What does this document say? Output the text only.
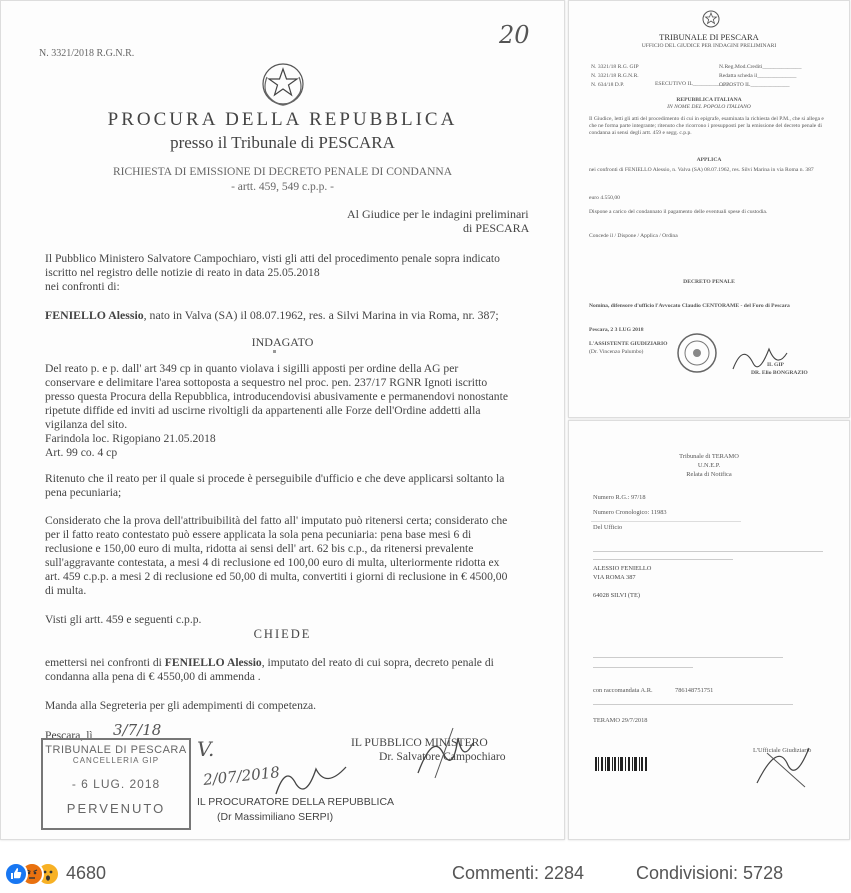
N. 3321/2018 R.G.N.R.
20
PROCURA DELLA REPUBBLICA
presso il Tribunale di PESCARA
RICHIESTA DI EMISSIONE DI DECRETO PENALE DI CONDANNA
- artt. 459, 549 c.p.p. -
Al Giudice per le indagini preliminari
di PESCARA
Il Pubblico Ministero Salvatore Campochiaro, visti gli atti del procedimento penale sopra indicato
iscritto nel registro delle notizie di reato in data 25.05.2018
nei confronti di:
FENIELLO Alessio, nato in Valva (SA) il 08.07.1962, res. a Silvi Marina in via Roma, nr. 387;
INDAGATO
Del reato p. e p. dall' art 349 cp in quanto violava i sigilli apposti per ordine della AG per
conservare e delimitare l'area sottoposta a sequestro nel proc. pen. 237/17 RGNR Ignoti iscritto
presso questa Procura della Repubblica, introducendovisi abusivamente e permanendovi nonostante
ripetute diffide ed inviti ad uscirne rivoltigli da appartenenti alle Forze dell'Ordine addetti alla
vigilanza del sito.
Farindola loc. Rigopiano 21.05.2018
Art. 99 co. 4 cp
Ritenuto che il reato per il quale si procede è perseguibile d'ufficio e che deve applicarsi soltanto la
pena pecuniaria;
Considerato che la prova dell'attribuibilità del fatto all' imputato può ritenersi certa; considerato che
per il fatto reato contestato può essere applicata la sola pena pecuniaria: pena base mesi 6 di
reclusione e 150,00 euro di multa, ridotta ai sensi dell' art. 62 bis c.p., da ritenersi prevalente
sull'aggravante contestata, a mesi 4 di reclusione ed 100,00 euro di multa, ulteriormente ridotta ex
art. 459 c.p.p. a mesi 2 di reclusione ed 50,00 di multa, convertiti i giorni di reclusione in € 4500,00
di multa.
Visti gli artt. 459 e seguenti c.p.p.
CHIEDE
emettersi nei confronti di FENIELLO Alessio, imputato del reato di cui sopra, decreto penale di
condanna alla pena di € 4550,00 di ammenda .
Manda alla Segreteria per gli adempimenti di competenza.
Pescara, lì 3/7/18
IL PUBBLICO MINISTERO
Dr. Salvatore Campochiaro
TRIBUNALE DI PESCARA
CANCELLERIA GIP
- 6 LUG. 2018
PERVENUTO
V.
2/07/2018
IL PROCURATORE DELLA REPUBBLICA
(Dr Massimiliano SERPI)
TRIBUNALE DI PESCARA
UFFICIO DEL GIUDICE PER INDAGINI PRELIMINARI
N. 3321/18 R.G. GIP
N. 3321/18 R.G.N.R.
N. 634/18 D.P.
N.Reg.Mod.Crediti______________
Redatta scheda il______________
OPPOSTO IL______________
ESECUTIVO IL______________
REPUBBLICA ITALIANA
IN NOME DEL POPOLO ITALIANO
Il Giudice, letti gli atti del procedimento di cui in epigrafe, esaminata la richiesta del P.M., che si allega e che ne forma parte integrante; ritenuto che ricorrono i presupposti per la emissione del decreto penale di condanna ai sensi degli artt. 459 e segg. c.p.p.
APPLICA
nei confronti di FENIELLO Alessio, n. Valva (SA) 08.07.1962, res. Silvi Marina in via Roma n. 387
euro 4.550,00
Dispone a carico del condannato il pagamento delle eventuali spese di custodia.
Concede il / Dispone / Applica / Ordina
DECRETO PENALE
Nomina, difensore d'ufficio l'Avvocato Claudio CENTORAME - del Foro di Pescara
Pescara, 2 3 LUG 2018
L'ASSISTENTE GIUDIZIARIO
(Dr. Vincenzo Palumbo)
IL GIP
DR. Elio BONGRAZIO
Tribunale di TERAMO
U.N.E.P.
Relata di Notifica
Numero R.G.: 97/18
Numero Cronologico: 11983
Del Ufficio
ALESSIO FENIELLO
VIA ROMA 387
64028 SILVI (TE)
con raccomandata A.R.	786148751751
TERAMO 29/7/2018
L'Ufficiale Giudiziario
4680	Commenti: 2284	Condivisioni: 5728
